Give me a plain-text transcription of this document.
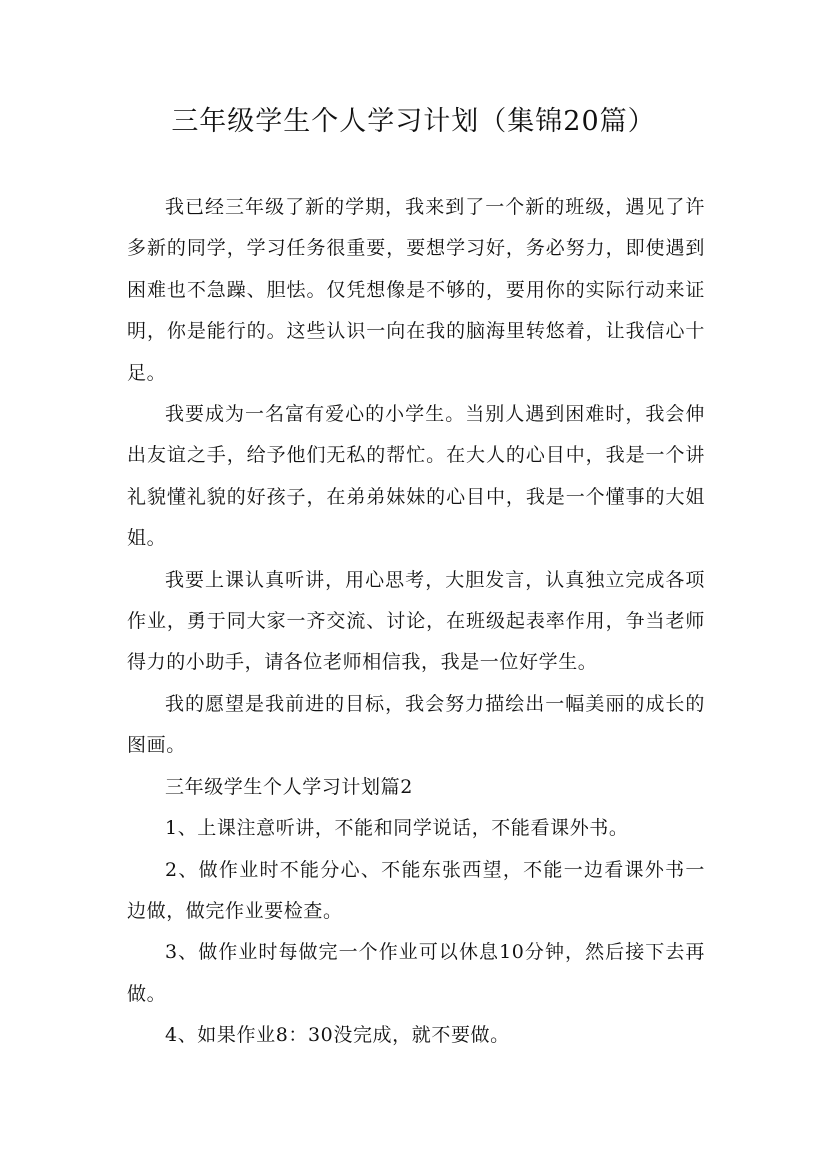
三年级学生个人学习计划（集锦20篇）

我已经三年级了新的学期，我来到了一个新的班级，遇见了许多新的同学，学习任务很重要，要想学习好，务必努力，即使遇到困难也不急躁、胆怯。仅凭想像是不够的，要用你的实际行动来证明，你是能行的。这些认识一向在我的脑海里转悠着，让我信心十足。

我要成为一名富有爱心的小学生。当别人遇到困难时，我会伸出友谊之手，给予他们无私的帮忙。在大人的心目中，我是一个讲礼貌懂礼貌的好孩子，在弟弟妹妹的心目中，我是一个懂事的大姐姐。

我要上课认真听讲，用心思考，大胆发言，认真独立完成各项作业，勇于同大家一齐交流、讨论，在班级起表率作用，争当老师得力的小助手，请各位老师相信我，我是一位好学生。

我的愿望是我前进的目标，我会努力描绘出一幅美丽的成长的图画。

三年级学生个人学习计划篇2

1、上课注意听讲，不能和同学说话，不能看课外书。

2、做作业时不能分心、不能东张西望，不能一边看课外书一边做，做完作业要检查。

3、做作业时每做完一个作业可以休息10分钟，然后接下去再做。

4、如果作业8：30没完成，就不要做。
